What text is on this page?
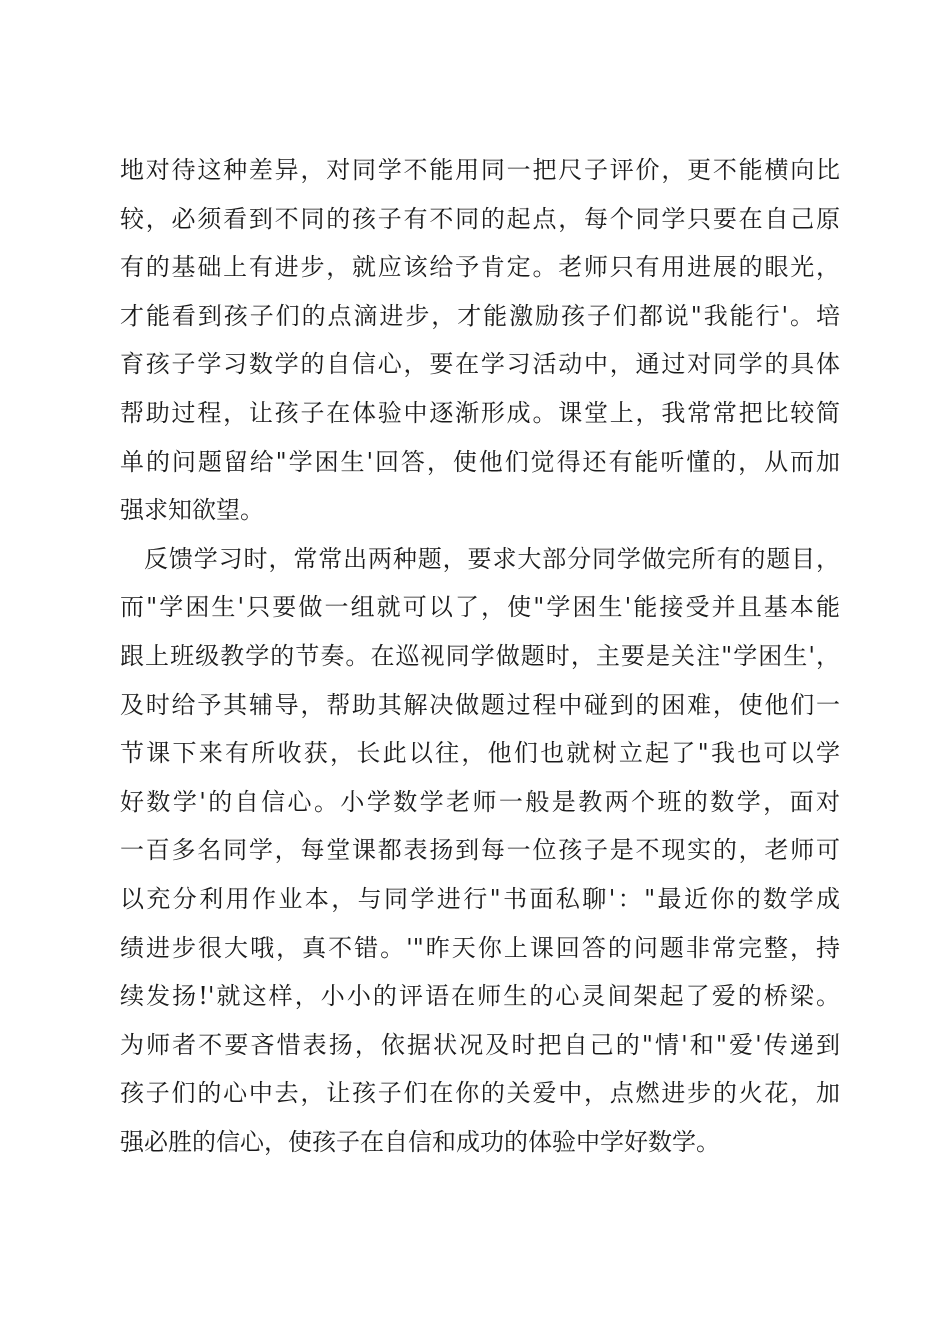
地对待这种差异，对同学不能用同一把尺子评价，更不能横向比
较，必须看到不同的孩子有不同的起点，每个同学只要在自己原
有的基础上有进步，就应该给予肯定。老师只有用进展的眼光，
才能看到孩子们的点滴进步，才能激励孩子们都说"我能行'。培
育孩子学习数学的自信心，要在学习活动中，通过对同学的具体
帮助过程，让孩子在体验中逐渐形成。课堂上，我常常把比较简
单的问题留给"学困生'回答，使他们觉得还有能听懂的，从而加
强求知欲望。
反馈学习时，常常出两种题，要求大部分同学做完所有的题目，
而"学困生'只要做一组就可以了，使"学困生'能接受并且基本能
跟上班级教学的节奏。在巡视同学做题时，主要是关注"学困生'，
及时给予其辅导，帮助其解决做题过程中碰到的困难，使他们一
节课下来有所收获，长此以往，他们也就树立起了"我也可以学
好数学'的自信心。小学数学老师一般是教两个班的数学，面对
一百多名同学，每堂课都表扬到每一位孩子是不现实的，老师可
以充分利用作业本，与同学进行"书面私聊'："最近你的数学成
绩进步很大哦，真不错。'"昨天你上课回答的问题非常完整，持
续发扬!'就这样，小小的评语在师生的心灵间架起了爱的桥梁。
为师者不要吝惜表扬，依据状况及时把自己的"情'和"爱'传递到
孩子们的心中去，让孩子们在你的关爱中，点燃进步的火花，加
强必胜的信心，使孩子在自信和成功的体验中学好数学。
